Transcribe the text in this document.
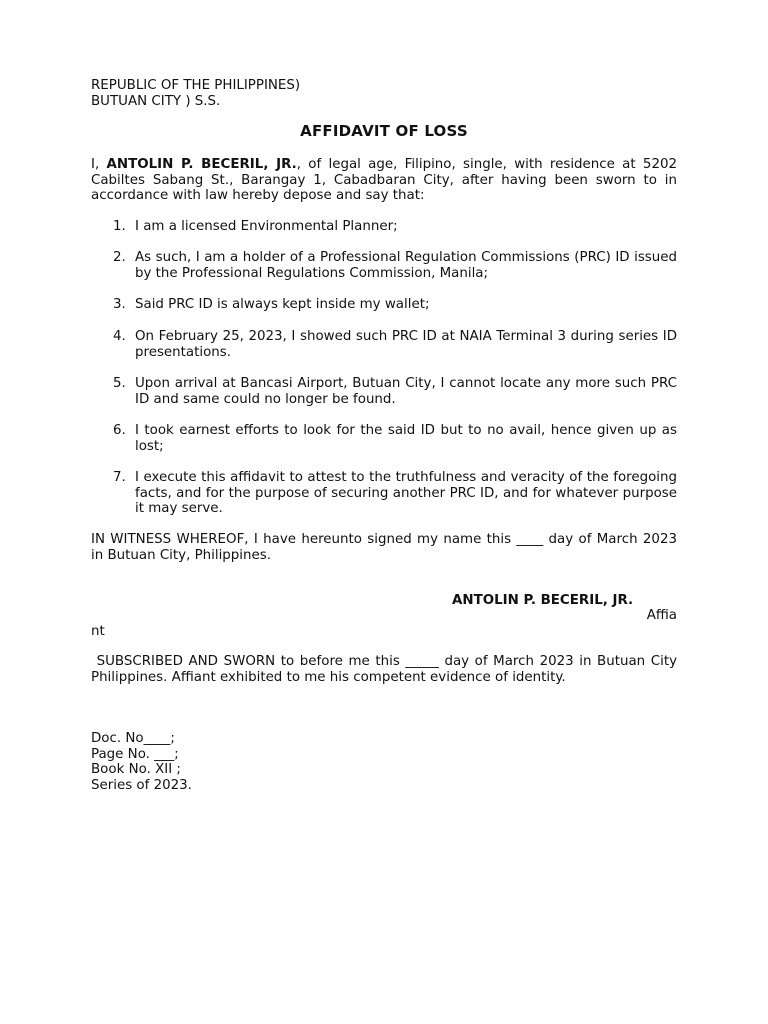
REPUBLIC OF THE PHILIPPINES)
BUTUAN CITY ) S.S.
AFFIDAVIT OF LOSS
I, ANTOLIN P. BECERIL, JR., of legal age, Filipino, single, with residence at 5202 Cabiltes Sabang St., Barangay 1, Cabadbaran City, after having been sworn to in accordance with law hereby depose and say that:
1. I am a licensed Environmental Planner;
2. As such, I am a holder of a Professional Regulation Commissions (PRC) ID issued by the Professional Regulations Commission, Manila;
3. Said PRC ID is always kept inside my wallet;
4. On February 25, 2023, I showed such PRC ID at NAIA Terminal 3 during series ID presentations.
5. Upon arrival at Bancasi Airport, Butuan City, I cannot locate any more such PRC ID and same could no longer be found.
6. I took earnest efforts to look for the said ID but to no avail, hence given up as lost;
7. I execute this affidavit to attest to the truthfulness and veracity of the foregoing facts, and for the purpose of securing another PRC ID, and for whatever purpose it may serve.
IN WITNESS WHEREOF, I have hereunto signed my name this ____ day of March 2023 in Butuan City, Philippines.
ANTOLIN P. BECERIL, JR.
Affia
nt
SUBSCRIBED AND SWORN to before me this _____ day of March 2023 in Butuan City Philippines. Affiant exhibited to me his competent evidence of identity.
Doc. No____;
Page No. ___;
Book No. XII ;
Series of 2023.
